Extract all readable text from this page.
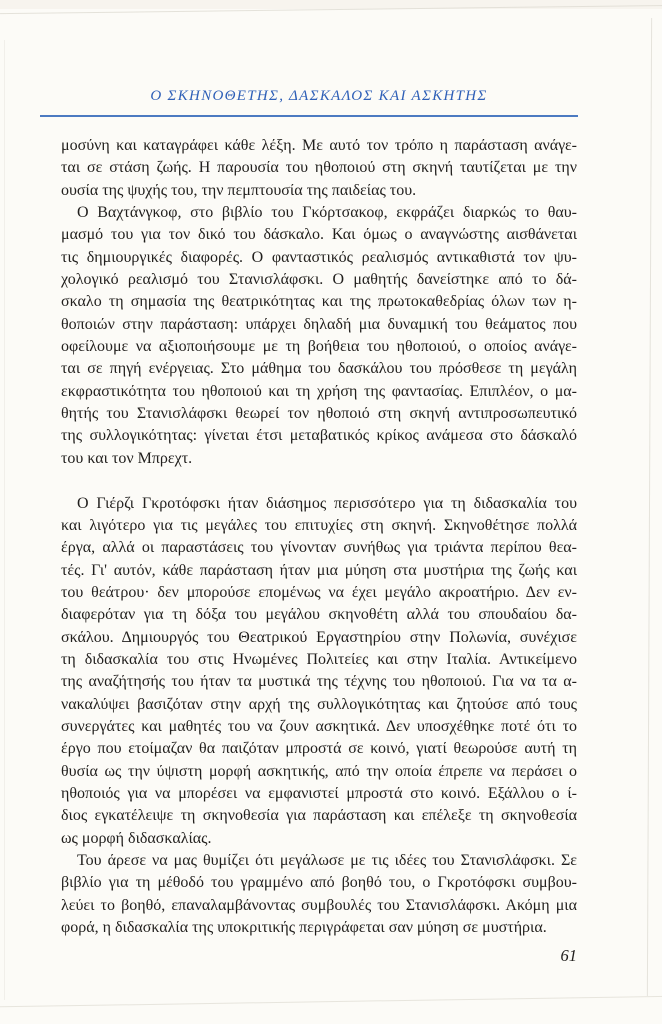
Ο ΣΚΗΝΟΘΕΤΗΣ, ΔΑΣΚΑΛΟΣ ΚΑΙ ΑΣΚΗΤΗΣ
μοσύνη και καταγράφει κάθε λέξη. Με αυτό τον τρόπο η παράσταση ανάγε-
ται σε στάση ζωής. Η παρουσία του ηθοποιού στη σκηνή ταυτίζεται με την
ουσία της ψυχής του, την πεμπτουσία της παιδείας του.
Ο Βαχτάνγκοφ, στο βιβλίο του Γκόρτσακοφ, εκφράζει διαρκώς το θαυ-
μασμό του για τον δικό του δάσκαλο. Και όμως ο αναγνώστης αισθάνεται
τις δημιουργικές διαφορές. Ο φανταστικός ρεαλισμός αντικαθιστά τον ψυ-
χολογικό ρεαλισμό του Στανισλάφσκι. Ο μαθητής δανείστηκε από το δά-
σκαλο τη σημασία της θεατρικότητας και της πρωτοκαθεδρίας όλων των η-
θοποιών στην παράσταση: υπάρχει δηλαδή μια δυναμική του θεάματος που
οφείλουμε να αξιοποιήσουμε με τη βοήθεια του ηθοποιού, ο οποίος ανάγε-
ται σε πηγή ενέργειας. Στο μάθημα του δασκάλου του πρόσθεσε τη μεγάλη
εκφραστικότητα του ηθοποιού και τη χρήση της φαντασίας. Επιπλέον, ο μα-
θητής του Στανισλάφσκι θεωρεί τον ηθοποιό στη σκηνή αντιπροσωπευτικό
της συλλογικότητας: γίνεται έτσι μεταβατικός κρίκος ανάμεσα στο δάσκαλό
του και τον Μπρεχτ.
Ο Γιέρζι Γκροτόφσκι ήταν διάσημος περισσότερο για τη διδασκαλία του
και λιγότερο για τις μεγάλες του επιτυχίες στη σκηνή. Σκηνοθέτησε πολλά
έργα, αλλά οι παραστάσεις του γίνονταν συνήθως για τριάντα περίπου θεα-
τές. Γι' αυτόν, κάθε παράσταση ήταν μια μύηση στα μυστήρια της ζωής και
του θεάτρου· δεν μπορούσε επομένως να έχει μεγάλο ακροατήριο. Δεν εν-
διαφερόταν για τη δόξα του μεγάλου σκηνοθέτη αλλά του σπουδαίου δα-
σκάλου. Δημιουργός του Θεατρικού Εργαστηρίου στην Πολωνία, συνέχισε
τη διδασκαλία του στις Ηνωμένες Πολιτείες και στην Ιταλία. Αντικείμενο
της αναζήτησής του ήταν τα μυστικά της τέχνης του ηθοποιού. Για να τα α-
νακαλύψει βασιζόταν στην αρχή της συλλογικότητας και ζητούσε από τους
συνεργάτες και μαθητές του να ζουν ασκητικά. Δεν υποσχέθηκε ποτέ ότι το
έργο που ετοίμαζαν θα παιζόταν μπροστά σε κοινό, γιατί θεωρούσε αυτή τη
θυσία ως την ύψιστη μορφή ασκητικής, από την οποία έπρεπε να περάσει ο
ηθοποιός για να μπορέσει να εμφανιστεί μπροστά στο κοινό. Εξάλλου ο ί-
διος εγκατέλειψε τη σκηνοθεσία για παράσταση και επέλεξε τη σκηνοθεσία
ως μορφή διδασκαλίας.
Του άρεσε να μας θυμίζει ότι μεγάλωσε με τις ιδέες του Στανισλάφσκι. Σε
βιβλίο για τη μέθοδό του γραμμένο από βοηθό του, ο Γκροτόφσκι συμβου-
λεύει το βοηθό, επαναλαμβάνοντας συμβουλές του Στανισλάφσκι. Ακόμη μια
φορά, η διδασκαλία της υποκριτικής περιγράφεται σαν μύηση σε μυστήρια.
61
